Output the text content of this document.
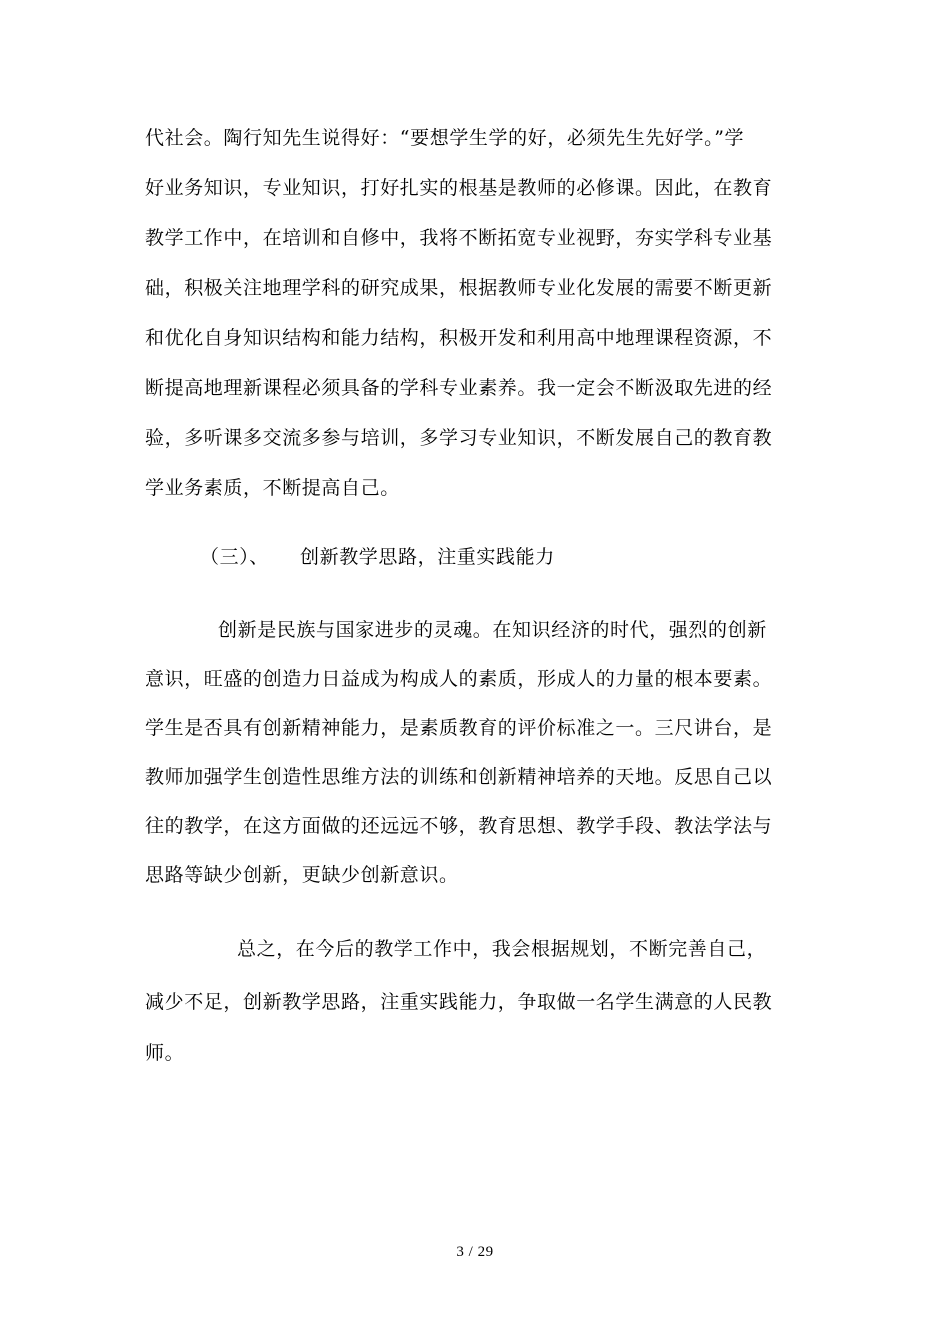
代社会。陶行知先生说得好：“要想学生学的好，必须先生先好学。”学
好业务知识，专业知识，打好扎实的根基是教师的必修课。因此，在教育
教学工作中，在培训和自修中，我将不断拓宽专业视野，夯实学科专业基
础，积极关注地理学科的研究成果，根据教师专业化发展的需要不断更新
和优化自身知识结构和能力结构，积极开发和利用高中地理课程资源，不
断提高地理新课程必须具备的学科专业素养。我一定会不断汲取先进的经
验，多听课多交流多参与培训，多学习专业知识，不断发展自己的教育教
学业务素质，不断提高自己。
（三）、 创新教学思路，注重实践能力
创新是民族与国家进步的灵魂。在知识经济的时代，强烈的创新
意识，旺盛的创造力日益成为构成人的素质，形成人的力量的根本要素。
学生是否具有创新精神能力，是素质教育的评价标准之一。三尺讲台，是
教师加强学生创造性思维方法的训练和创新精神培养的天地。反思自己以
往的教学，在这方面做的还远远不够，教育思想、教学手段、教法学法与
思路等缺少创新，更缺少创新意识。
总之，在今后的教学工作中，我会根据规划，不断完善自己，
减少不足，创新教学思路，注重实践能力，争取做一名学生满意的人民教
师。
3 / 29
